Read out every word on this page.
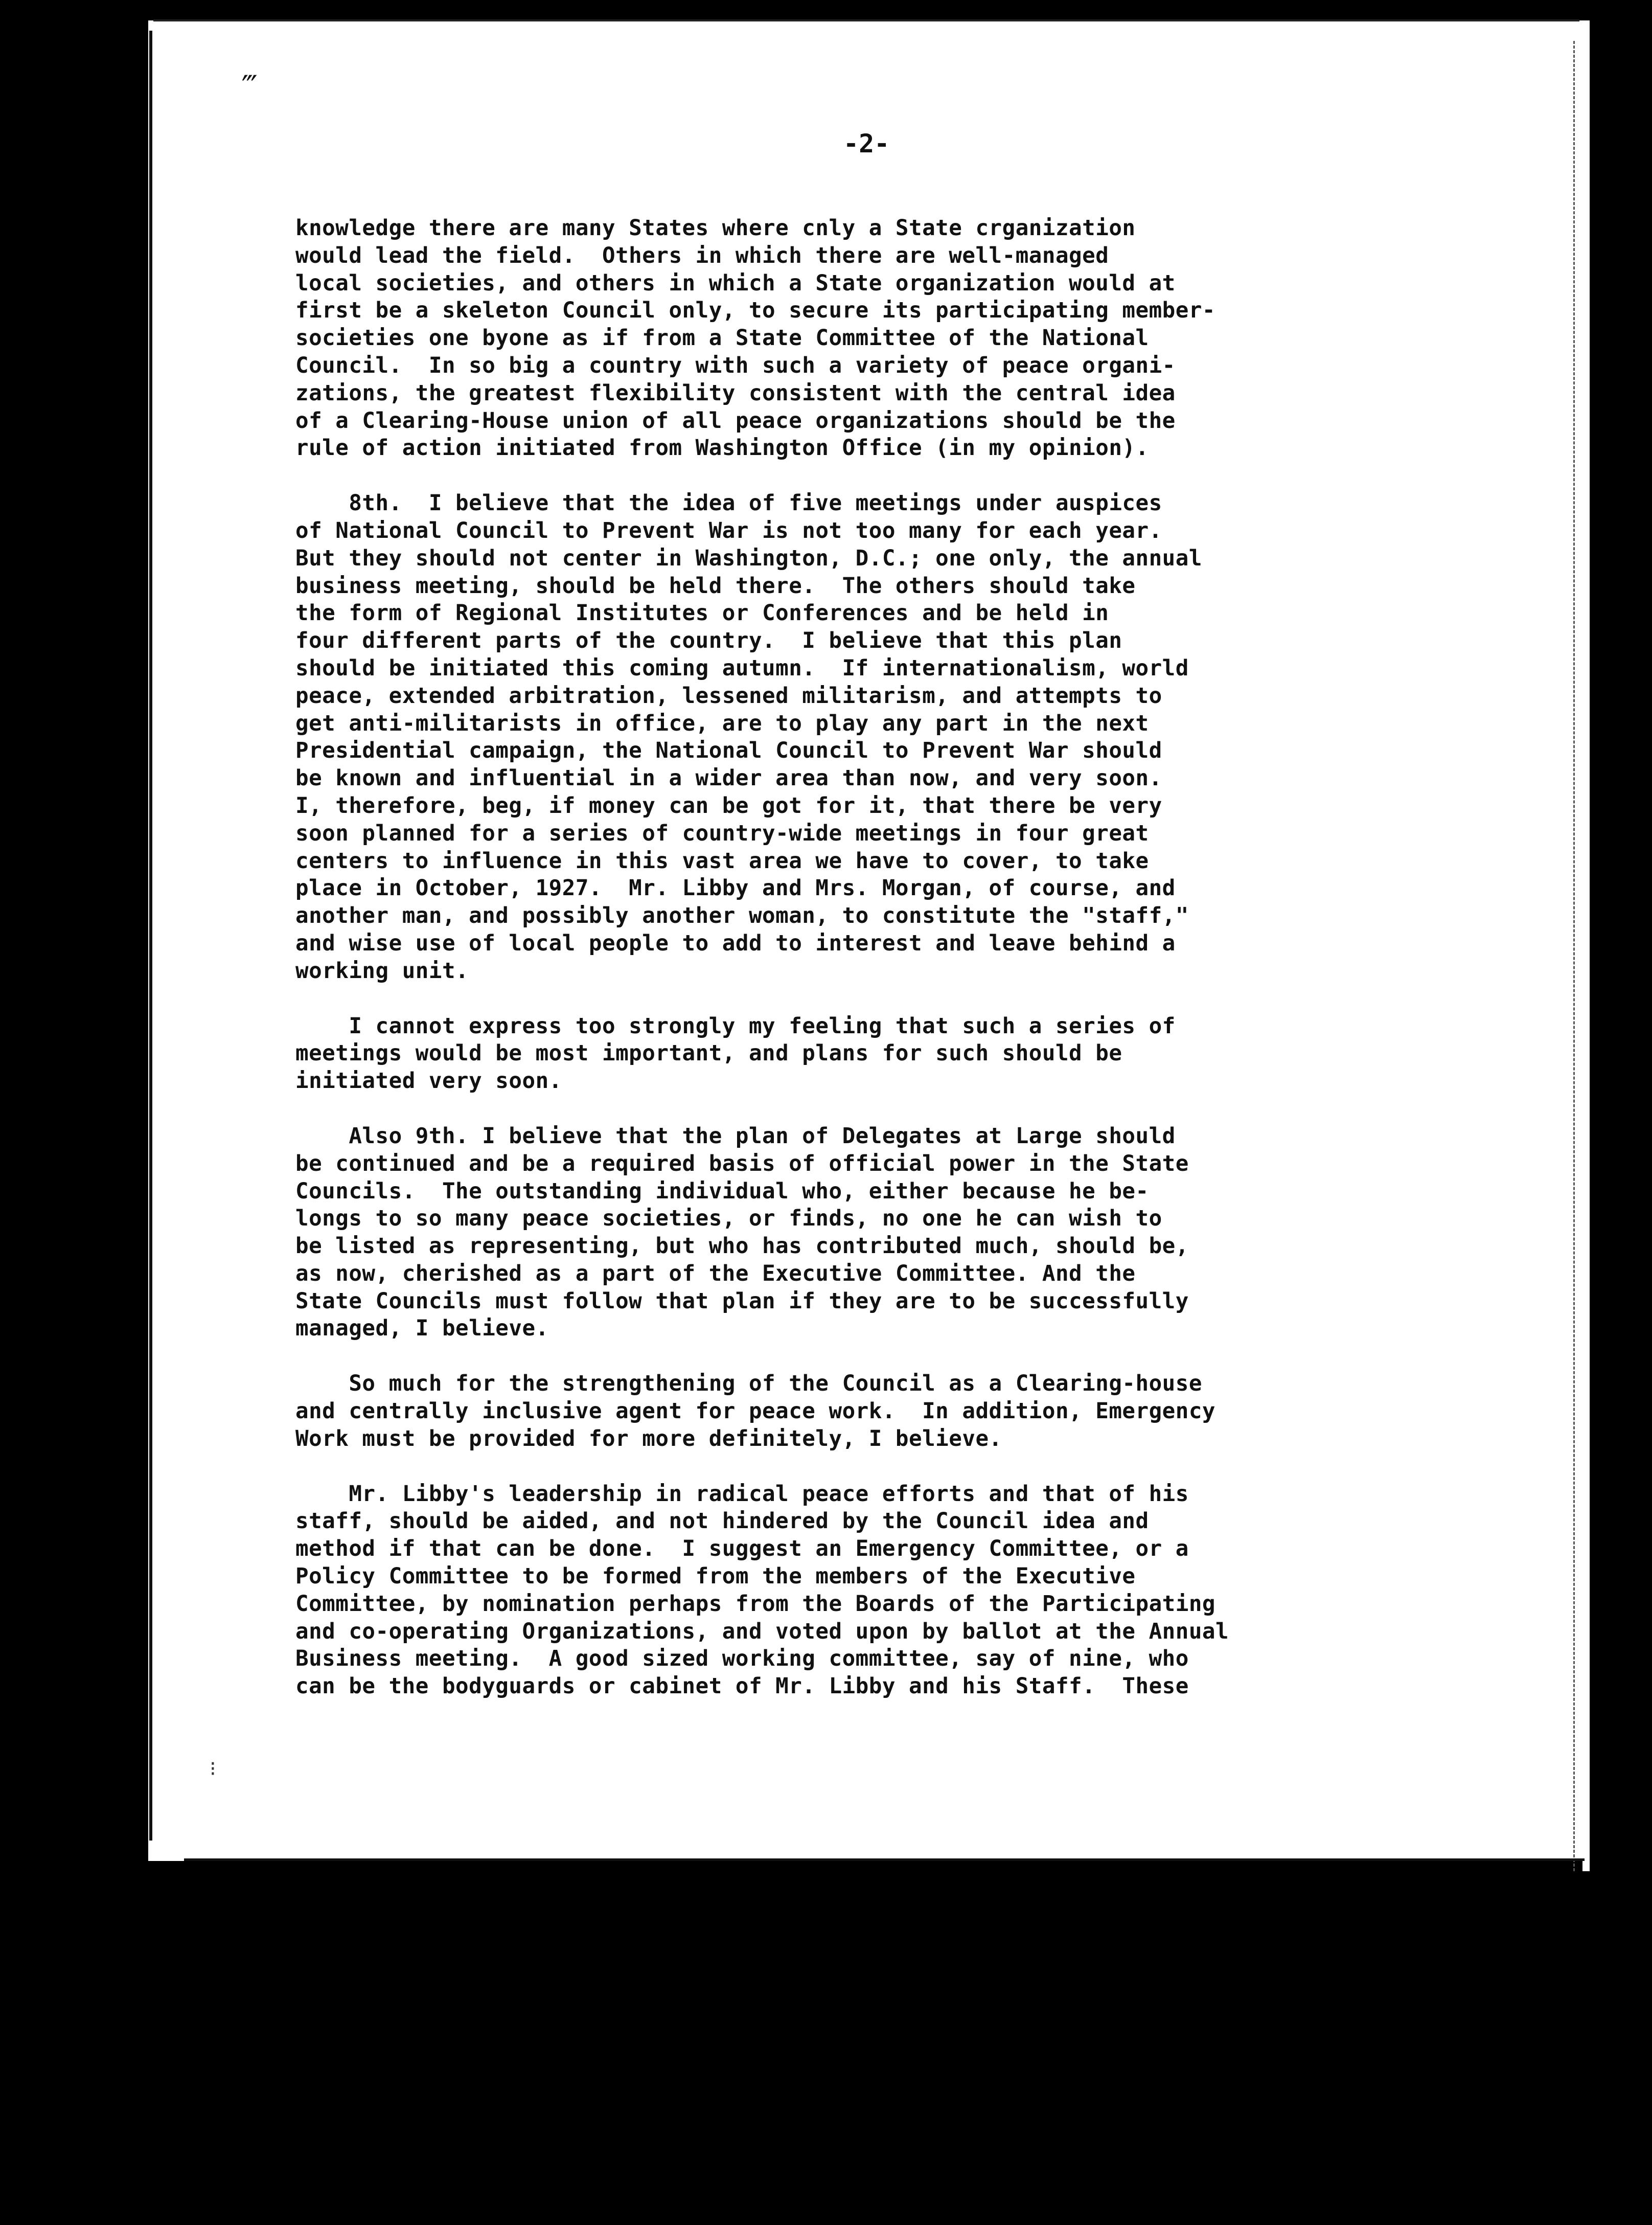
‴
⁝
-2-
knowledge there are many States where cnly a State crganization
would lead the field.  Others in which there are well-managed
local societies, and others in which a State organization would at
first be a skeleton Council only, to secure its participating member-
societies one byone as if from a State Committee of the National
Council.  In so big a country with such a variety of peace organi-
zations, the greatest flexibility consistent with the central idea
of a Clearing-House union of all peace organizations should be the
rule of action initiated from Washington Office (in my opinion).
8th.  I believe that the idea of five meetings under auspices
of National Council to Prevent War is not too many for each year.
But they should not center in Washington, D.C.; one only, the annual
business meeting, should be held there.  The others should take
the form of Regional Institutes or Conferences and be held in
four different parts of the country.  I believe that this plan
should be initiated this coming autumn.  If internationalism, world
peace, extended arbitration, lessened militarism, and attempts to
get anti-militarists in office, are to play any part in the next
Presidential campaign, the National Council to Prevent War should
be known and influential in a wider area than now, and very soon.
I, therefore, beg, if money can be got for it, that there be very
soon planned for a series of country-wide meetings in four great
centers to influence in this vast area we have to cover, to take
place in October, 1927.  Mr. Libby and Mrs. Morgan, of course, and
another man, and possibly another woman, to constitute the "staff,"
and wise use of local people to add to interest and leave behind a
working unit.
I cannot express too strongly my feeling that such a series of
meetings would be most important, and plans for such should be
initiated very soon.
Also 9th. I believe that the plan of Delegates at Large should
be continued and be a required basis of official power in the State
Councils.  The outstanding individual who, either because he be-
longs to so many peace societies, or finds, no one he can wish to
be listed as representing, but who has contributed much, should be,
as now, cherished as a part of the Executive Committee. And the
State Councils must follow that plan if they are to be successfully
managed, I believe.
So much for the strengthening of the Council as a Clearing-house
and centrally inclusive agent for peace work.  In addition, Emergency
Work must be provided for more definitely, I believe.
Mr. Libby's leadership in radical peace efforts and that of his
staff, should be aided, and not hindered by the Council idea and
method if that can be done.  I suggest an Emergency Committee, or a
Policy Committee to be formed from the members of the Executive
Committee, by nomination perhaps from the Boards of the Participating
and co-operating Organizations, and voted upon by ballot at the Annual
Business meeting.  A good sized working committee, say of nine, who
can be the bodyguards or cabinet of Mr. Libby and his Staff.  These
